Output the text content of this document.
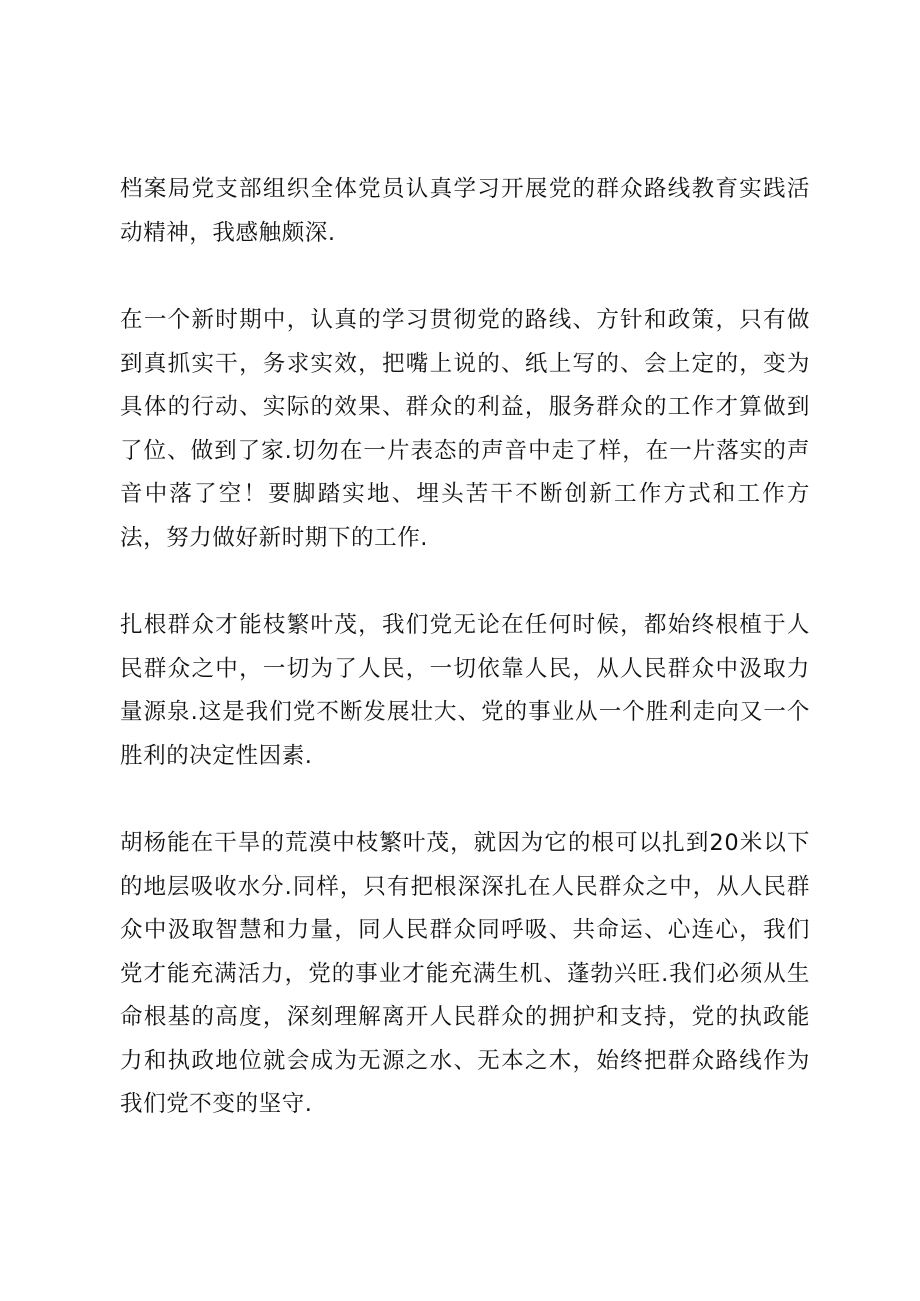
档案局党支部组织全体党员认真学习开展党的群众路线教育实践活动精神，我感触颇深.

在一个新时期中，认真的学习贯彻党的路线、方针和政策，只有做到真抓实干，务求实效，把嘴上说的、纸上写的、会上定的，变为具体的行动、实际的效果、群众的利益，服务群众的工作才算做到了位、做到了家.切勿在一片表态的声音中走了样，在一片落实的声音中落了空！要脚踏实地、埋头苦干不断创新工作方式和工作方法，努力做好新时期下的工作.

扎根群众才能枝繁叶茂，我们党无论在任何时候，都始终根植于人民群众之中，一切为了人民，一切依靠人民，从人民群众中汲取力量源泉.这是我们党不断发展壮大、党的事业从一个胜利走向又一个胜利的决定性因素.

胡杨能在干旱的荒漠中枝繁叶茂，就因为它的根可以扎到20米以下的地层吸收水分.同样，只有把根深深扎在人民群众之中，从人民群众中汲取智慧和力量，同人民群众同呼吸、共命运、心连心，我们党才能充满活力，党的事业才能充满生机、蓬勃兴旺.我们必须从生命根基的高度，深刻理解离开人民群众的拥护和支持，党的执政能力和执政地位就会成为无源之水、无本之木，始终把群众路线作为我们党不变的坚守.
